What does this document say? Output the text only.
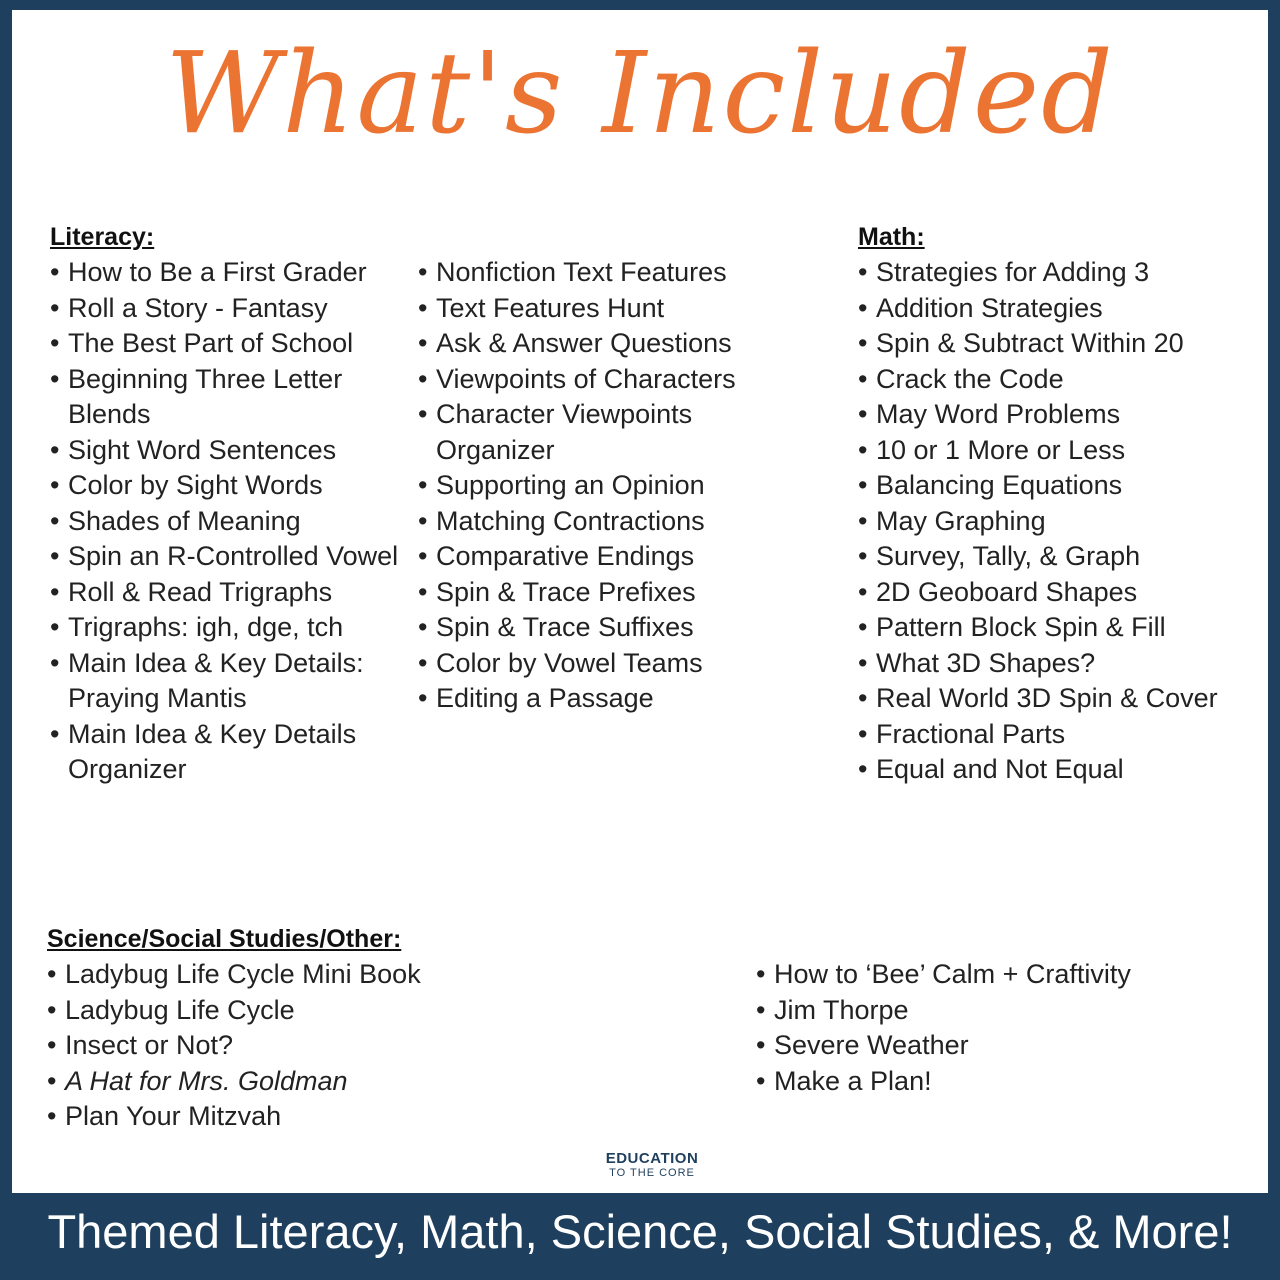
What's Included
Literacy:
• How to Be a First Grader
• Roll a Story - Fantasy
• The Best Part of School
• Beginning Three Letter Blends
• Sight Word Sentences
• Color by Sight Words
• Shades of Meaning
• Spin an R-Controlled Vowel
• Roll & Read Trigraphs
• Trigraphs: igh, dge, tch
• Main Idea & Key Details: Praying Mantis
• Main Idea & Key Details Organizer
• Nonfiction Text Features
• Text Features Hunt
• Ask & Answer Questions
• Viewpoints of Characters
• Character Viewpoints Organizer
• Supporting an Opinion
• Matching Contractions
• Comparative Endings
• Spin & Trace Prefixes
• Spin & Trace Suffixes
• Color by Vowel Teams
• Editing a Passage
Math:
• Strategies for Adding 3
• Addition Strategies
• Spin & Subtract Within 20
• Crack the Code
• May Word Problems
• 10 or 1 More or Less
• Balancing Equations
• May Graphing
• Survey, Tally, & Graph
• 2D Geoboard Shapes
• Pattern Block Spin & Fill
• What 3D Shapes?
• Real World 3D Spin & Cover
• Fractional Parts
• Equal and Not Equal
Science/Social Studies/Other:
• Ladybug Life Cycle Mini Book
• Ladybug Life Cycle
• Insect or Not?
• A Hat for Mrs. Goldman
• Plan Your Mitzvah
• How to ‘Bee’ Calm + Craftivity
• Jim Thorpe
• Severe Weather
• Make a Plan!
EDUCATION
TO THE CORE
Themed Literacy, Math, Science, Social Studies, & More!
